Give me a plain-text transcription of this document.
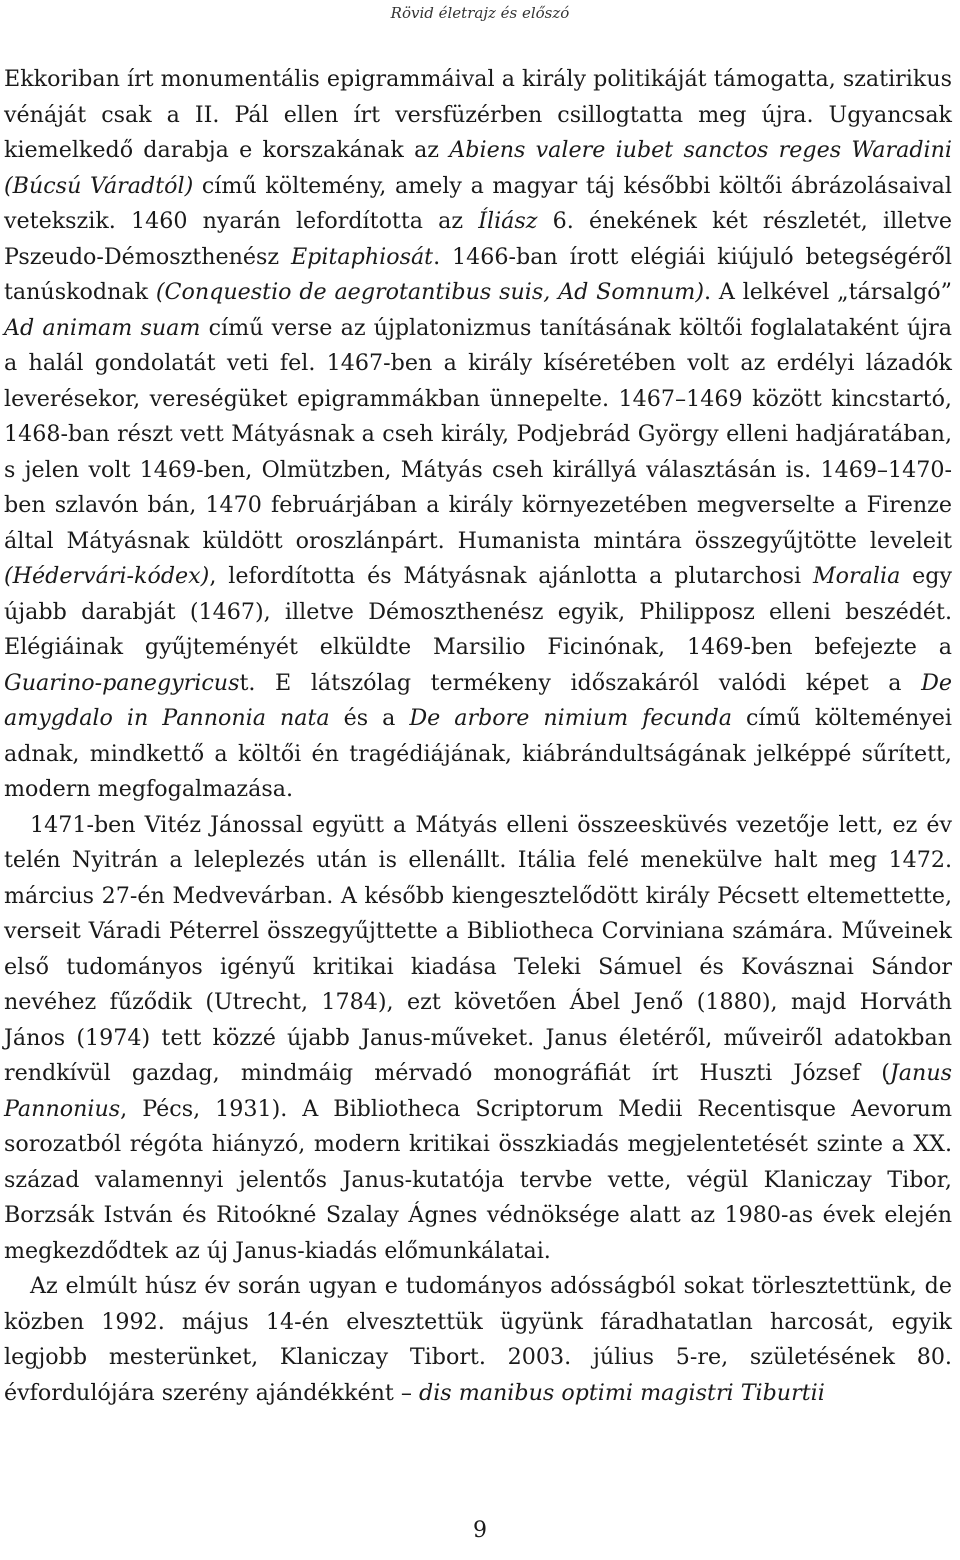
Rövid életrajz és előszó

Ekkoriban írt monumentális epigrammáival a király politikáját támogatta, szatirikus vénáját csak a II. Pál ellen írt versfüzérben csillogtatta meg újra. Ugyancsak kiemelkedő darabja e korszakának az Abiens valere iubet sanctos reges Waradini (Búcsú Váradtól) című költemény, amely a magyar táj későbbi költői ábrázolásaival vetekszik. 1460 nyarán lefordította az Íliász 6. énekének két részletét, illetve Pszeudo-Démoszthenész Epitaphiosát. 1466-ban írott elégiái kiújuló betegségéről tanúskodnak (Conquestio de aegrotantibus suis, Ad Somnum). A lelkével „társalgó” Ad animam suam című verse az újplatonizmus tanításának költői foglalataként újra a halál gondolatát veti fel. 1467-ben a király kíséretében volt az erdélyi lázadók leverésekor, vereségüket epigrammákban ünnepelte. 1467–1469 között kincstartó, 1468-ban részt vett Mátyásnak a cseh király, Podjebrád György elleni hadjáratában, s jelen volt 1469-ben, Olmützben, Mátyás cseh királlyá választásán is. 1469–1470-ben szlavón bán, 1470 februárjában a király környezetében megverselte a Firenze által Mátyásnak küldött oroszlánpárt. Humanista mintára összegyűjtötte leveleit (Hédervári-kódex), lefordította és Mátyásnak ajánlotta a plutarchosi Moralia egy újabb darabját (1467), illetve Démoszthenész egyik, Philipposz elleni beszédét. Elégiáinak gyűjteményét elküldte Marsilio Ficinónak, 1469-ben befejezte a Guarino-panegyricust. E látszólag termékeny időszakáról valódi képet a De amygdalo in Pannonia nata és a De arbore nimium fecunda című költeményei adnak, mindkettő a költői én tragédiájának, kiábrándultságának jelképpé sűrített, modern megfogalmazása.

1471-ben Vitéz Jánossal együtt a Mátyás elleni összeesküvés vezetője lett, ez év telén Nyitrán a leleplezés után is ellenállt. Itália felé menekülve halt meg 1472. március 27-én Medvevárban. A később kiengesztelődött király Pécsett eltemettette, verseit Váradi Péterrel összegyűjttette a Bibliotheca Corviniana számára. Műveinek első tudományos igényű kritikai kiadása Teleki Sámuel és Kovásznai Sándor nevéhez fűződik (Utrecht, 1784), ezt követően Ábel Jenő (1880), majd Horváth János (1974) tett közzé újabb Janus-műveket. Janus életéről, műveiről adatokban rendkívül gazdag, mindmáig mérvadó monográfiát írt Huszti József (Janus Pannonius, Pécs, 1931). A Bibliotheca Scriptorum Medii Recentisque Aevorum sorozatból régóta hiányzó, modern kritikai összkiadás megjelentetését szinte a XX. század valamennyi jelentős Janus-kutatója tervbe vette, végül Klaniczay Tibor, Borzsák István és Ritoókné Szalay Ágnes védnöksége alatt az 1980-as évek elején megkezdődtek az új Janus-kiadás előmunkálatai.

Az elmúlt húsz év során ugyan e tudományos adósságból sokat törlesztettünk, de közben 1992. május 14-én elvesztettük ügyünk fáradhatatlan harcosát, egyik legjobb mesterünket, Klaniczay Tibort. 2003. július 5-re, születésének 80. évfordulójára szerény ajándékként – dis manibus optimi magistri Tiburtii

9
